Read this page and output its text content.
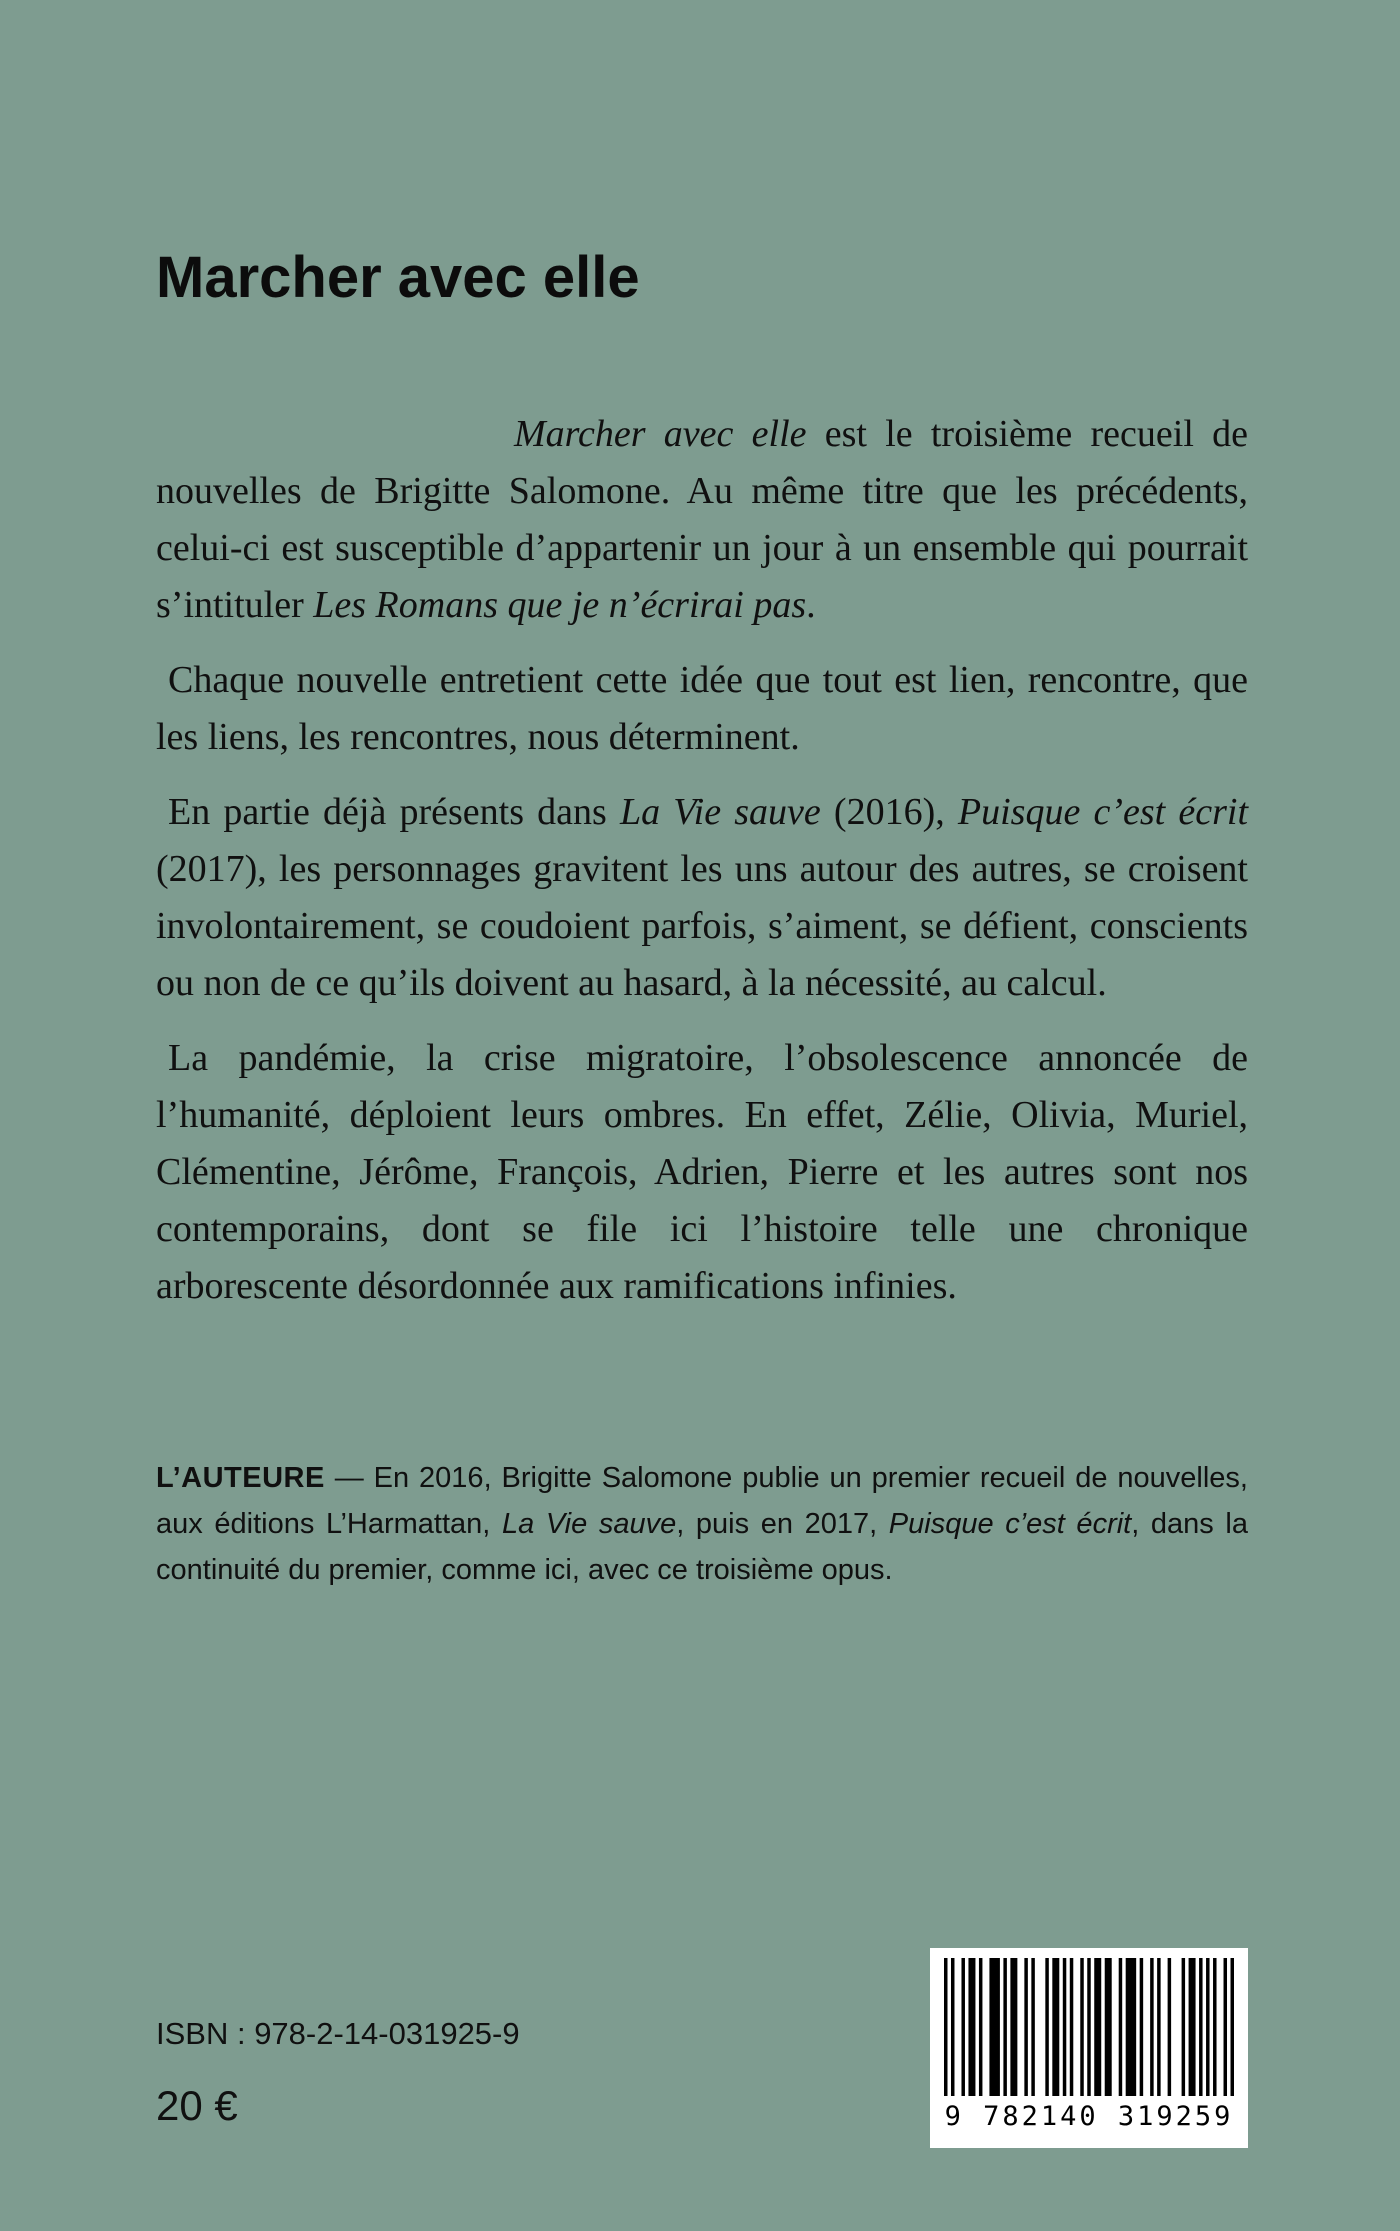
Marcher avec elle

Marcher avec elle est le troisième recueil de nouvelles de Brigitte Salomone. Au même titre que les précédents, celui-ci est susceptible d’appartenir un jour à un ensemble qui pourrait s’intituler Les Romans que je n’écrirai pas.

Chaque nouvelle entretient cette idée que tout est lien, rencontre, que les liens, les rencontres, nous déterminent.

En partie déjà présents dans La Vie sauve (2016), Puisque c’est écrit (2017), les personnages gravitent les uns autour des autres, se croisent involontairement, se coudoient parfois, s’aiment, se défient, conscients ou non de ce qu’ils doivent au hasard, à la nécessité, au calcul.

La pandémie, la crise migratoire, l’obsolescence annoncée de l’humanité, déploient leurs ombres. En effet, Zélie, Olivia, Muriel, Clémentine, Jérôme, François, Adrien, Pierre et les autres sont nos contemporains, dont se file ici l’histoire telle une chronique arborescente désordonnée aux ramifications infinies.

L’AUTEURE — En 2016, Brigitte Salomone publie un premier recueil de nouvelles, aux éditions L’Harmattan, La Vie sauve, puis en 2017, Puisque c’est écrit, dans la continuité du premier, comme ici, avec ce troisième opus.

ISBN : 978-2-14-031925-9
20 €	9 782140 319259
